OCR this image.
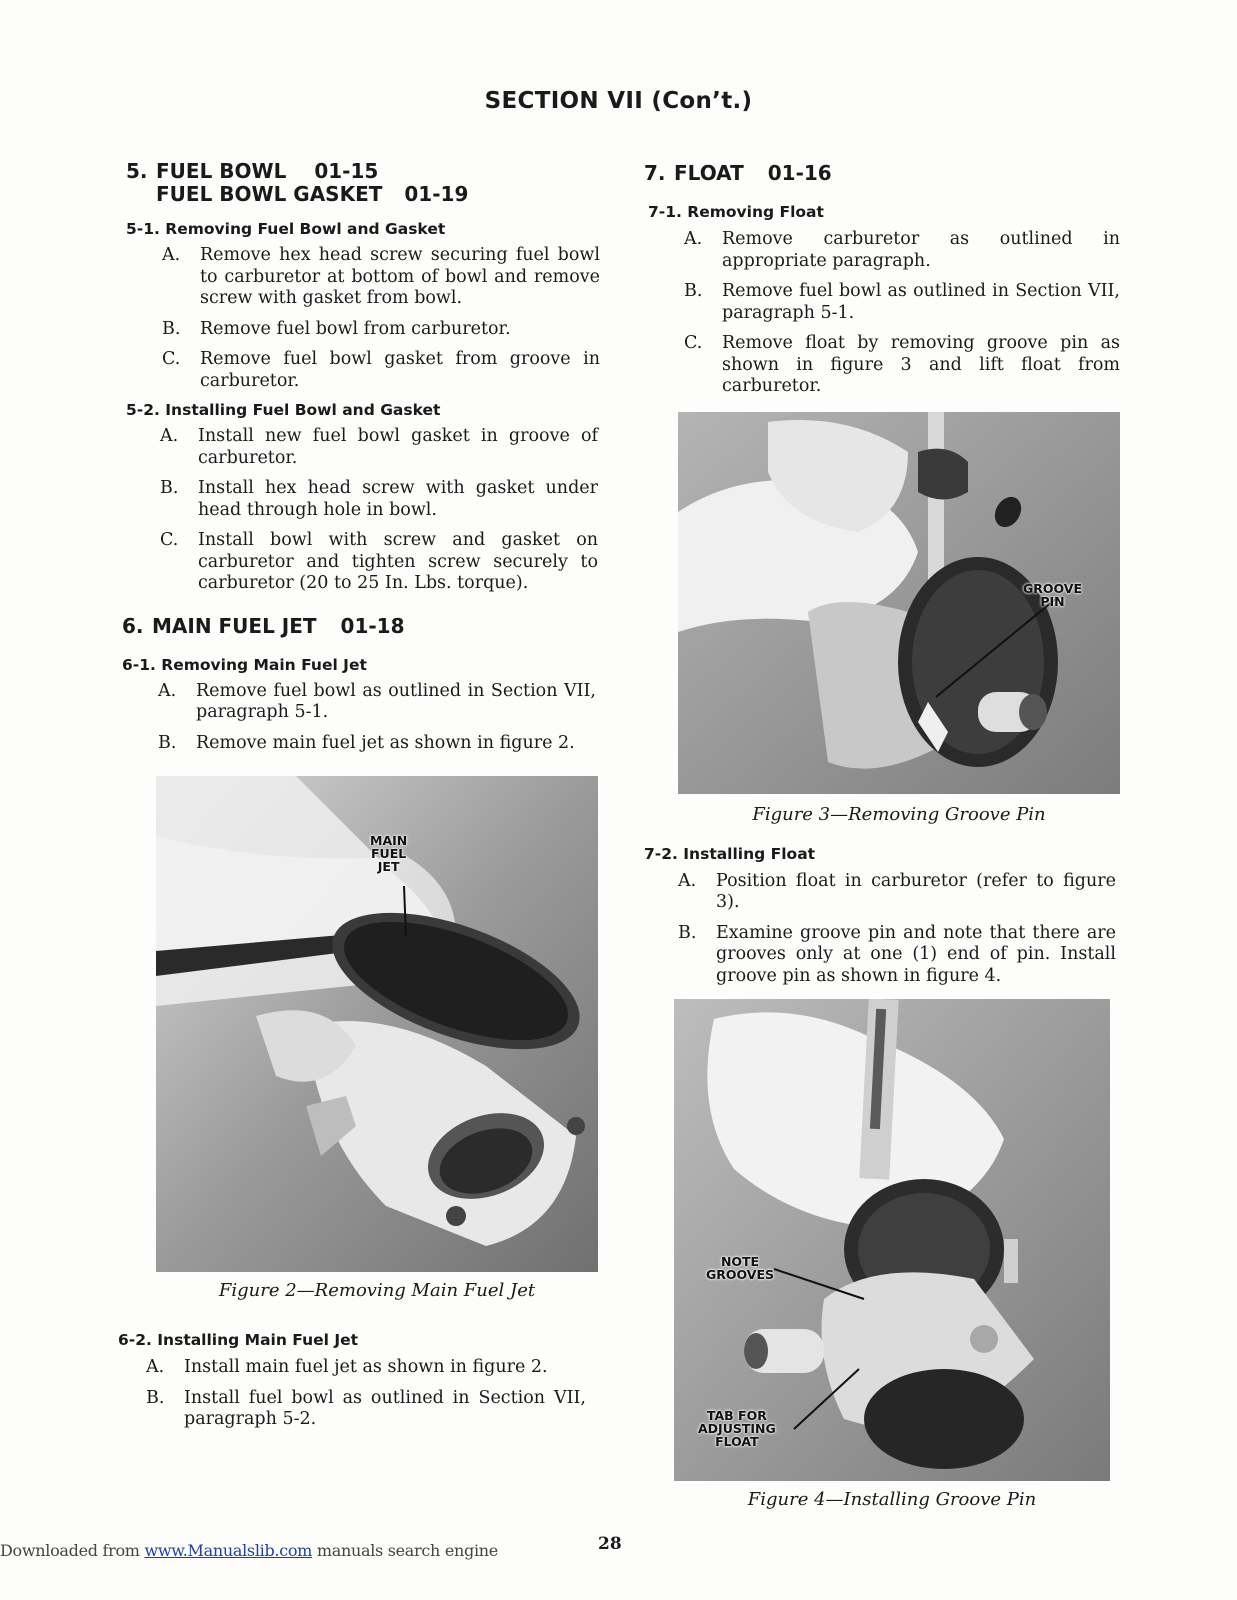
SECTION VII (Con’t.)
5. FUEL BOWL 01-15
FUEL BOWL GASKET 01-19
5-1. Removing Fuel Bowl and Gasket
A.	Remove hex head screw securing fuel bowl to carburetor at bottom of bowl and remove screw with gasket from bowl.
B.	Remove fuel bowl from carburetor.
C.	Remove fuel bowl gasket from groove in carburetor.
5-2. Installing Fuel Bowl and Gasket
A.	Install new fuel bowl gasket in groove of carburetor.
B.	Install hex head screw with gasket under head through hole in bowl.
C.	Install bowl with screw and gasket on carburetor and tighten screw securely to carburetor (20 to 25 In. Lbs. torque).
6. MAIN FUEL JET 01-18
6-1. Removing Main Fuel Jet
A.	Remove fuel bowl as outlined in Section VII, paragraph 5-1.
B.	Remove main fuel jet as shown in figure 2.
MAIN
FUEL
JET
Figure 2—Removing Main Fuel Jet
6-2. Installing Main Fuel Jet
A.	Install main fuel jet as shown in figure 2.
B.	Install fuel bowl as outlined in Section VII, paragraph 5-2.
7. FLOAT 01-16
7-1. Removing Float
A.	Remove carburetor as outlined in appropriate paragraph.
B.	Remove fuel bowl as outlined in Section VII, paragraph 5-1.
C.	Remove float by removing groove pin as shown in figure 3 and lift float from carburetor.
GROOVE
PIN
Figure 3—Removing Groove Pin
7-2. Installing Float
A.	Position float in carburetor (refer to figure 3).
B.	Examine groove pin and note that there are grooves only at one (1) end of pin. Install groove pin as shown in figure 4.
NOTE
GROOVES
TAB FOR
ADJUSTING
FLOAT
Figure 4—Installing Groove Pin
Downloaded from www.Manualslib.com manuals search engine	28
